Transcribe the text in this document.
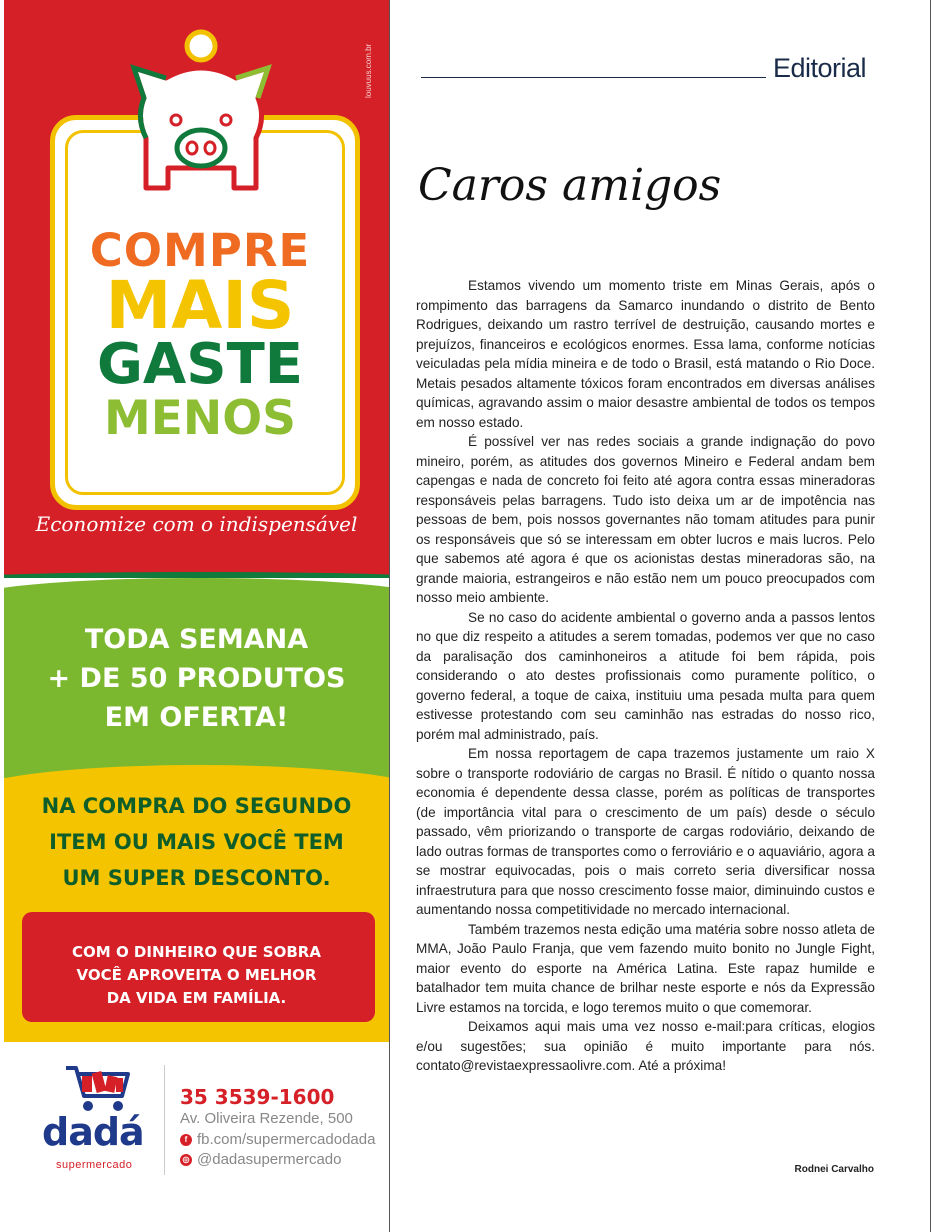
louvuus.com.br
COMPRE
MAIS
GASTE
MENOS
Economize com o indispensável
TODA SEMANA
+ DE 50 PRODUTOS
EM OFERTA!
NA COMPRA DO SEGUNDO
ITEM OU MAIS VOCÊ TEM
UM SUPER DESCONTO.
COM O DINHEIRO QUE SOBRA
VOCÊ APROVEITA O MELHOR
DA VIDA EM FAMÍLIA.
dadá
supermercado
35 3539-1600
Av. Oliveira Rezende, 500
f fb.com/supermercadodada
◎ @dadasupermercado
Editorial
Caros amigos

Estamos vivendo um momento triste em Minas Gerais, após o rompimento das barragens da Samarco inundando o distrito de Bento Rodrigues, deixando um rastro terrível de destruição, causando mortes e prejuízos, financeiros e ecológicos enormes. Essa lama, conforme notícias veiculadas pela mídia mineira e de todo o Brasil, está matando o Rio Doce. Metais pesados altamente tóxicos foram encontrados em diversas análises químicas, agravando assim o maior desastre ambiental de todos os tempos em nosso estado.

É possível ver nas redes sociais a grande indignação do povo mineiro, porém, as atitudes dos governos Mineiro e Federal andam bem capengas e nada de concreto foi feito até agora contra essas mineradoras responsáveis pelas barragens. Tudo isto deixa um ar de impotência nas pessoas de bem, pois nossos governantes não tomam atitudes para punir os responsáveis que só se interessam em obter lucros e mais lucros. Pelo que sabemos até agora é que os acionistas destas mineradoras são, na grande maioria, estrangeiros e não estão nem um pouco preocupados com nosso meio ambiente.

Se no caso do acidente ambiental o governo anda a passos lentos no que diz respeito a atitudes a serem tomadas, podemos ver que no caso da paralisação dos caminhoneiros a atitude foi bem rápida, pois considerando o ato destes profissionais como puramente político, o governo federal, a toque de caixa, instituiu uma pesada multa para quem estivesse protestando com seu caminhão nas estradas do nosso rico, porém mal administrado, país.

Em nossa reportagem de capa trazemos justamente um raio X sobre o transporte rodoviário de cargas no Brasil. É nítido o quanto nossa economia é dependente dessa classe, porém as políticas de transportes (de importância vital para o crescimento de um país) desde o século passado, vêm priorizando o transporte de cargas rodoviário, deixando de lado outras formas de transportes como o ferroviário e o aquaviário, agora a se mostrar equivocadas, pois o mais correto seria diversificar nossa infraestrutura para que nosso crescimento fosse maior, diminuindo custos e aumentando nossa competitividade no mercado internacional.

Também trazemos nesta edição uma matéria sobre nosso atleta de MMA, João Paulo Franja, que vem fazendo muito bonito no Jungle Fight, maior evento do esporte na América Latina. Este rapaz humilde e batalhador tem muita chance de brilhar neste esporte e nós da Expressão Livre estamos na torcida, e logo teremos muito o que comemorar.

Deixamos aqui mais uma vez nosso e-mail:para críticas, elogios e/ou sugestões; sua opinião é muito importante para nós. contato@revistaexpressaolivre.com. Até a próxima!

Rodnei Carvalho
